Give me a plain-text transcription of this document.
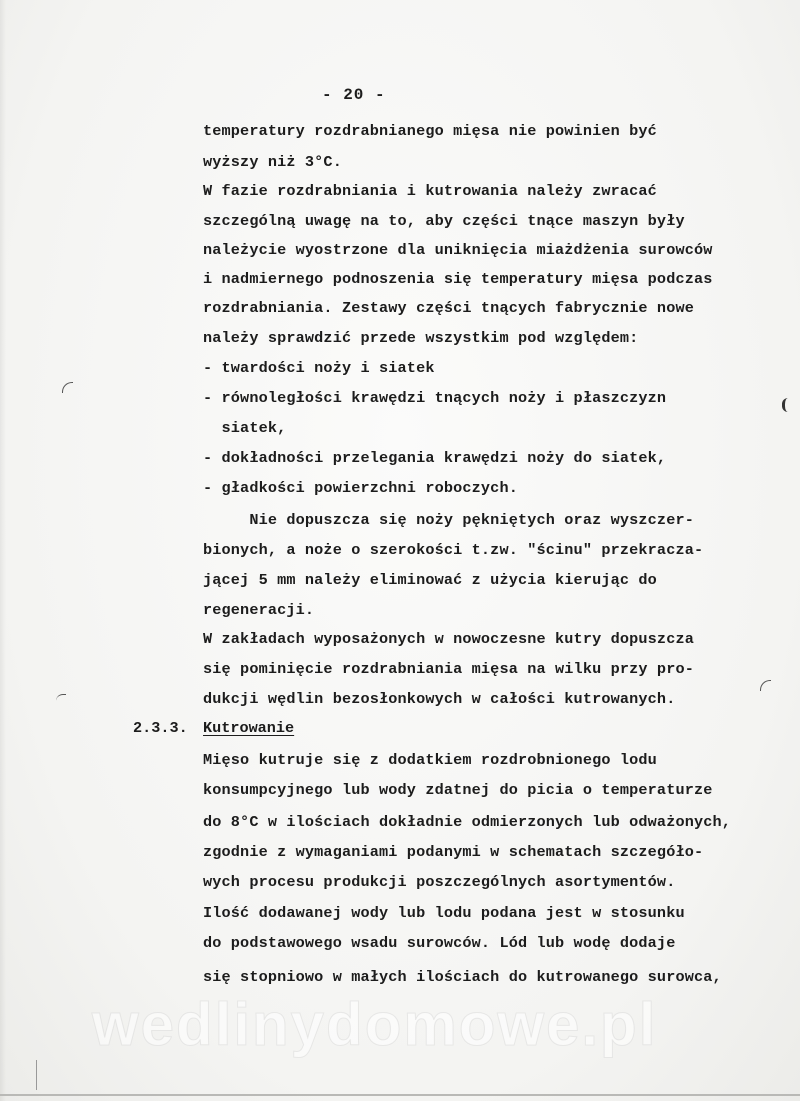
- 20 -
temperatury rozdrabnianego mięsa nie powinien być
wyższy niż 3°C.
W fazie rozdrabniania i kutrowania należy zwracać
szczególną uwagę na to, aby części tnące maszyn były
należycie wyostrzone dla uniknięcia miażdżenia surowców
i nadmiernego podnoszenia się temperatury mięsa podczas
rozdrabniania. Zestawy części tnących fabrycznie nowe
należy sprawdzić przede wszystkim pod względem:
- twardości noży i siatek
- równoległości krawędzi tnących noży i płaszczyzn
siatek,
- dokładności przelegania krawędzi noży do siatek,
- gładkości powierzchni roboczych.
Nie dopuszcza się noży pękniętych oraz wyszczer-
bionych, a noże o szerokości t.zw. "ścinu" przekracza-
jącej 5 mm należy eliminować z użycia kierując do
regeneracji.
W zakładach wyposażonych w nowoczesne kutry dopuszcza
się pominięcie rozdrabniania mięsa na wilku przy pro-
dukcji wędlin bezosłonkowych w całości kutrowanych.
2.3.3. Kutrowanie
Mięso kutruje się z dodatkiem rozdrobnionego lodu
konsumpcyjnego lub wody zdatnej do picia o temperaturze
do 8°C w ilościach dokładnie odmierzonych lub odważonych,
zgodnie z wymaganiami podanymi w schematach szczegóło-
wych procesu produkcji poszczególnych asortymentów.
Ilość dodawanej wody lub lodu podana jest w stosunku
do podstawowego wsadu surowców. Lód lub wodę dodaje
się stopniowo w małych ilościach do kutrowanego surowca,
wedlinydomowe.pl
